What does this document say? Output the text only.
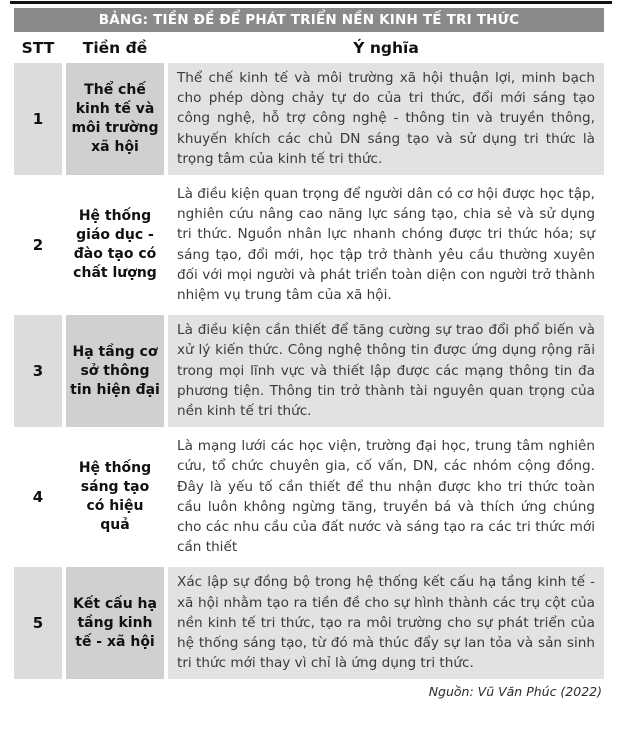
BẢNG: TIỀN ĐỀ ĐỂ PHÁT TRIỂN NỀN KINH TẾ TRI THỨC
STT	Tiền đề	Ý nghĩa
1
Thể chế kinh tế và môi trường xã hội
Thể chế kinh tế và môi trường xã hội thuận lợi, minh bạch cho phép dòng chảy tự do của tri thức, đổi mới sáng tạo công nghệ, hỗ trợ công nghệ - thông tin và truyền thông, khuyến khích các chủ DN sáng tạo và sử dụng tri thức là trọng tâm của kinh tế tri thức.
2
Hệ thống giáo dục - đào tạo có chất lượng
Là điều kiện quan trọng để người dân có cơ hội được học tập, nghiên cứu nâng cao năng lực sáng tạo, chia sẻ và sử dụng tri thức. Nguồn nhân lực nhanh chóng được tri thức hóa; sự sáng tạo, đổi mới, học tập trở thành yêu cầu thường xuyên đối với mọi người và phát triển toàn diện con người trở thành nhiệm vụ trung tâm của xã hội.
3
Hạ tầng cơ sở thông tin hiện đại
Là điều kiện cần thiết để tăng cường sự trao đổi phổ biến và xử lý kiến thức. Công nghệ thông tin được ứng dụng rộng rãi trong mọi lĩnh vực và thiết lập được các mạng thông tin đa phương tiện. Thông tin trở thành tài nguyên quan trọng của nền kinh tế tri thức.
4
Hệ thống sáng tạo có hiệu quả
Là mạng lưới các học viện, trường đại học, trung tâm nghiên cứu, tổ chức chuyên gia, cố vấn, DN, các nhóm cộng đồng. Đây là yếu tố cần thiết để thu nhận được kho tri thức toàn cầu luôn không ngừng tăng, truyền bá và thích ứng chúng cho các nhu cầu của đất nước và sáng tạo ra các tri thức mới cần thiết
5
Kết cấu hạ tầng kinh tế - xã hội
Xác lập sự đồng bộ trong hệ thống kết cấu hạ tầng kinh tế - xã hội nhằm tạo ra tiền đề cho sự hình thành các trụ cột của nền kinh tế tri thức, tạo ra môi trường cho sự phát triển của hệ thống sáng tạo, từ đó mà thúc đẩy sự lan tỏa và sản sinh tri thức mới thay vì chỉ là ứng dụng tri thức.
Nguồn: Vũ Văn Phúc (2022)
